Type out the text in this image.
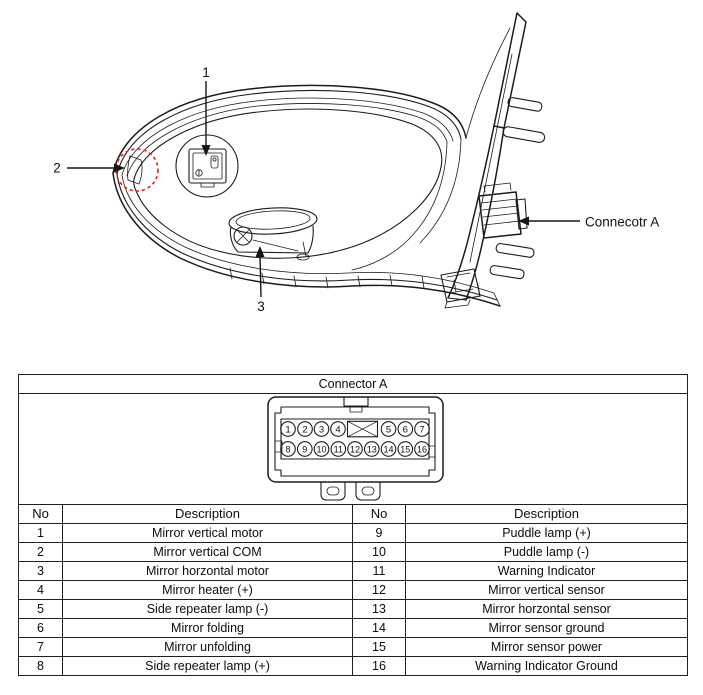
1
2
3
Connecotr A
Connector A			

1 2 3 4	5 6 7
8 9 10 11 12 13 14 15 16

No	Description	No	Description
1	Mirror vertical motor	9	Puddle lamp (+)
2	Mirror vertical COM	10	Puddle lamp (-)
3	Mirror horzontal motor	11	Warning Indicator
4	Mirror heater (+)	12	Mirror vertical sensor
5	Side repeater lamp (-)	13	Mirror horzontal sensor
6	Mirror folding	14	Mirror sensor ground
7	Mirror unfolding	15	Mirror sensor power
8	Side repeater lamp (+)	16	Warning Indicator Ground
